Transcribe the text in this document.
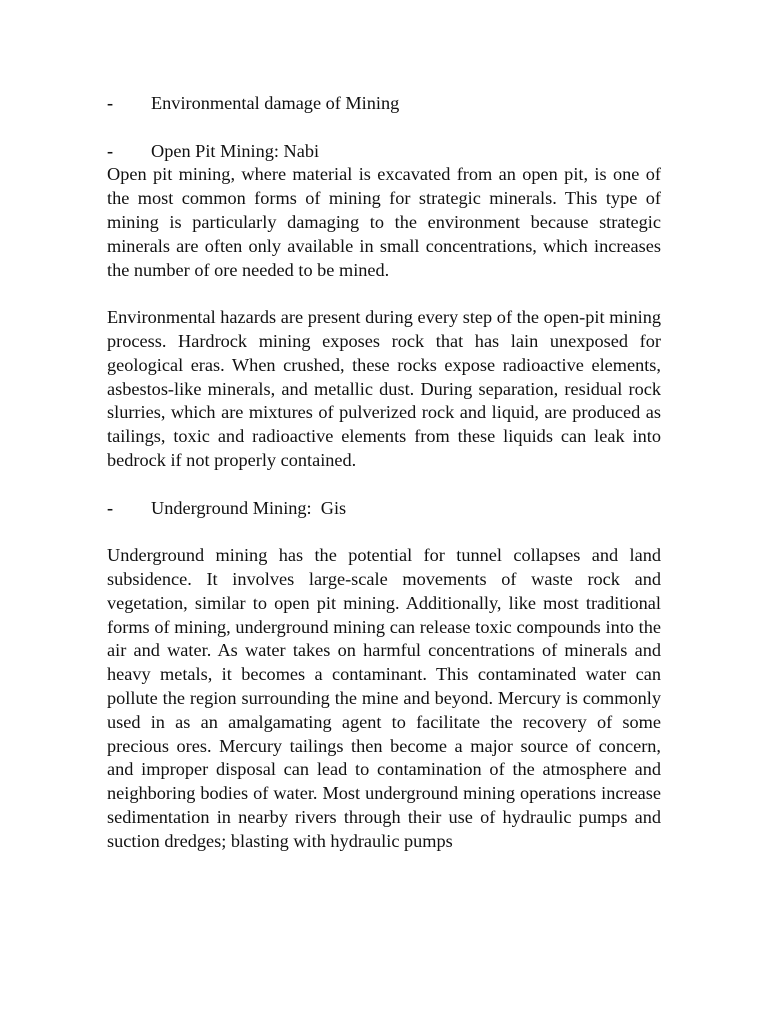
-	Environmental damage of Mining
-	Open Pit Mining: Nabi

Open pit mining, where material is excavated from an open pit, is one of the most common forms of mining for strategic minerals. This type of mining is particularly damaging to the environment because strategic minerals are often only available in small concentrations, which increases the number of ore needed to be mined.

Environmental hazards are present during every step of the open-pit mining process. Hardrock mining exposes rock that has lain unexposed for geological eras. When crushed, these rocks expose radioactive elements, asbestos-like minerals, and metallic dust. During separation, residual rock slurries, which are mixtures of pulverized rock and liquid, are produced as tailings, toxic and radioactive elements from these liquids can leak into bedrock if not properly contained.

-	Underground Mining:  Gis

Underground mining has the potential for tunnel collapses and land subsidence. It involves large-scale movements of waste rock and vegetation, similar to open pit mining. Additionally, like most traditional forms of mining, underground mining can release toxic compounds into the air and water. As water takes on harmful concentrations of minerals and heavy metals, it becomes a contaminant. This contaminated water can pollute the region surrounding the mine and beyond. Mercury is commonly used in as an amalgamating agent to facilitate the recovery of some precious ores. Mercury tailings then become a major source of concern, and improper disposal can lead to contamination of the atmosphere and neighboring bodies of water. Most underground mining operations increase sedimentation in nearby rivers through their use of hydraulic pumps and suction dredges; blasting with hydraulic pumps
